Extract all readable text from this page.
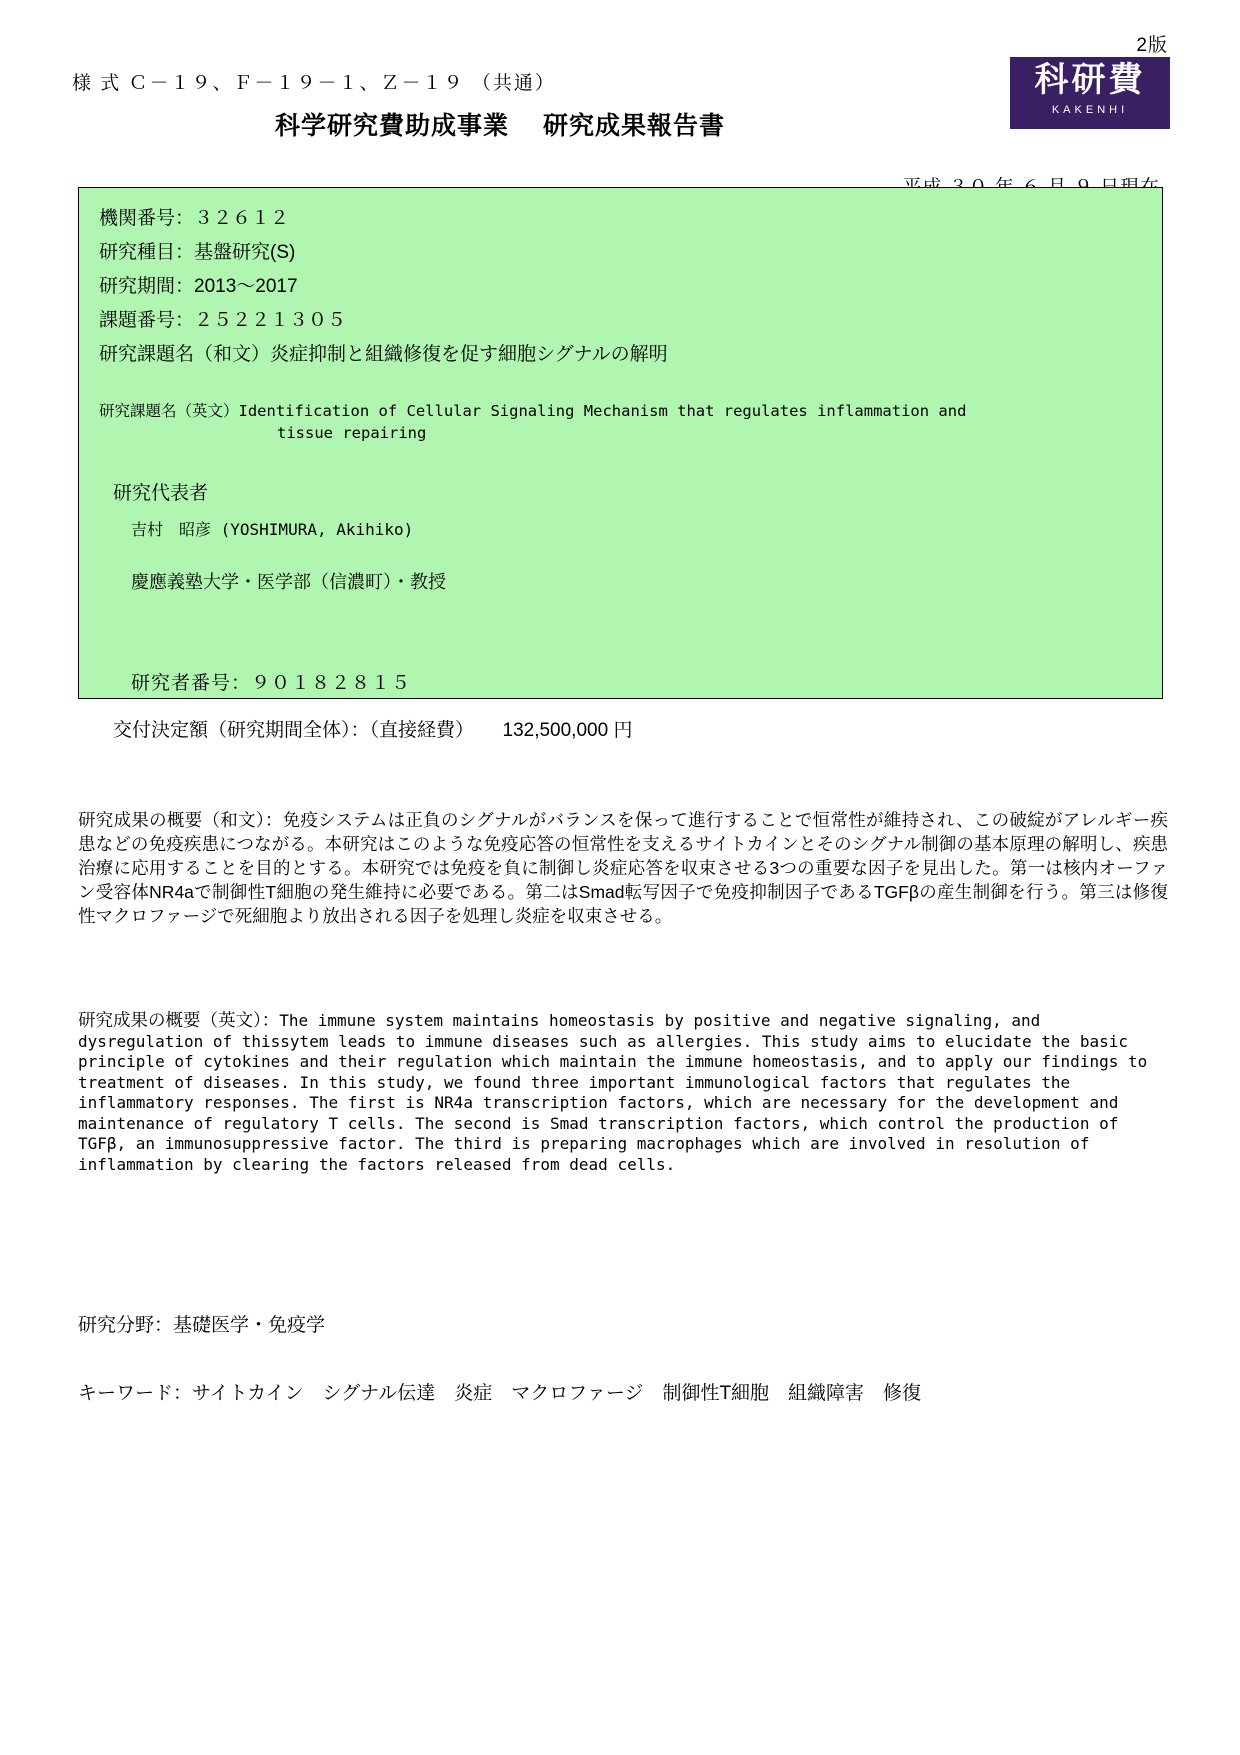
2版
様 式 Ｃ－１９、Ｆ－１９－１、Ｚ－１９ （共通）	科研費
KAKENHI
科学研究費助成事業 研究成果報告書
機関番号：３２６１２
研究種目：基盤研究(S)
研究期間：2013〜2017
課題番号：２５２２１３０５
研究課題名（和文）炎症抑制と組織修復を促す細胞シグナルの解明
研究課題名（英文）Identification of Cellular Signaling Mechanism that regulates inflammation and
tissue repairing
研究代表者
吉村　昭彦 (YOSHIMURA, Akihiko)
慶應義塾大学・医学部（信濃町）・教授
研究者番号：９０１８２８１５
交付決定額（研究期間全体）：（直接経費）　　132,500,000 円
研究成果の概要（和文）：免疫システムは正負のシグナルがバランスを保って進行することで恒常性が維持され、この破綻がアレルギー疾患などの免疫疾患につながる。本研究はこのような免疫応答の恒常性を支えるサイトカインとそのシグナル制御の基本原理の解明し、疾患治療に応用することを目的とする。本研究では免疫を負に制御し炎症応答を収束させる3つの重要な因子を見出した。第一は核内オーファン受容体NR4aで制御性T細胞の発生維持に必要である。第二はSmad転写因子で免疫抑制因子であるTGFβの産生制御を行う。第三は修復性マクロファージで死細胞より放出される因子を処理し炎症を収束させる。
研究成果の概要（英文）：The immune system maintains homeostasis by positive and negative signaling, and dysregulation of thissytem leads to immune diseases such as allergies. This study aims to elucidate the basic principle of cytokines and their regulation which maintain the immune homeostasis, and to apply our findings to treatment of diseases. In this study, we found three important immunological factors that regulates the inflammatory responses. The first is NR4a transcription factors, which are necessary for the development and maintenance of regulatory T cells. The second is Smad transcription factors, which control the production of TGFβ, an immunosuppressive factor. The third is preparing macrophages which are involved in resolution of inflammation by clearing the factors released from dead cells.
研究分野：基礎医学・免疫学
キーワード：サイトカイン　シグナル伝達　炎症　マクロファージ　制御性T細胞　組織障害　修復
